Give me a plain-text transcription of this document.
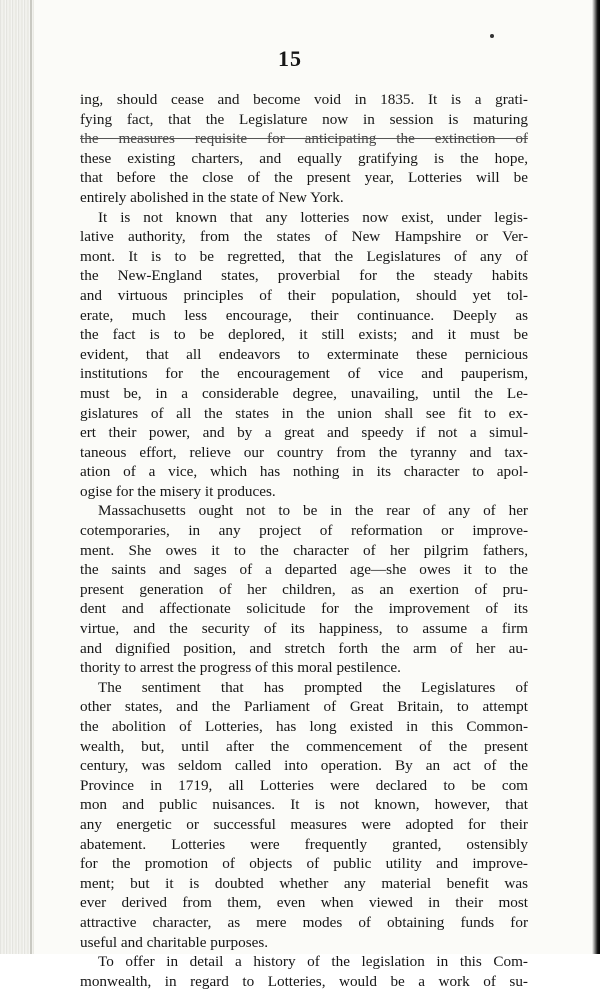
15
ing, should cease and become void in 1835. It is a grati-
fying fact, that the Legislature now in session is maturing
the measures requisite for anticipating the extinction of
these existing charters, and equally gratifying is the hope,
that before the close of the present year, Lotteries will be
entirely abolished in the state of New York.
It is not known that any lotteries now exist, under legis-
lative authority, from the states of New Hampshire or Ver-
mont. It is to be regretted, that the Legislatures of any of
the New-England states, proverbial for the steady habits
and virtuous principles of their population, should yet tol-
erate, much less encourage, their continuance. Deeply as
the fact is to be deplored, it still exists; and it must be
evident, that all endeavors to exterminate these pernicious
institutions for the encouragement of vice and pauperism,
must be, in a considerable degree, unavailing, until the Le-
gislatures of all the states in the union shall see fit to ex-
ert their power, and by a great and speedy if not a simul-
taneous effort, relieve our country from the tyranny and tax-
ation of a vice, which has nothing in its character to apol-
ogise for the misery it produces.
Massachusetts ought not to be in the rear of any of her
cotemporaries, in any project of reformation or improve-
ment. She owes it to the character of her pilgrim fathers,
the saints and sages of a departed age—she owes it to the
present generation of her children, as an exertion of pru-
dent and affectionate solicitude for the improvement of its
virtue, and the security of its happiness, to assume a firm
and dignified position, and stretch forth the arm of her au-
thority to arrest the progress of this moral pestilence.
The sentiment that has prompted the Legislatures of
other states, and the Parliament of Great Britain, to attempt
the abolition of Lotteries, has long existed in this Common-
wealth, but, until after the commencement of the present
century, was seldom called into operation. By an act of the
Province in 1719, all Lotteries were declared to be com
mon and public nuisances. It is not known, however, that
any energetic or successful measures were adopted for their
abatement. Lotteries were frequently granted, ostensibly
for the promotion of objects of public utility and improve-
ment; but it is doubted whether any material benefit was
ever derived from them, even when viewed in their most
attractive character, as mere modes of obtaining funds for
useful and charitable purposes.
To offer in detail a history of the legislation in this Com-
monwealth, in regard to Lotteries, would be a work of su-
